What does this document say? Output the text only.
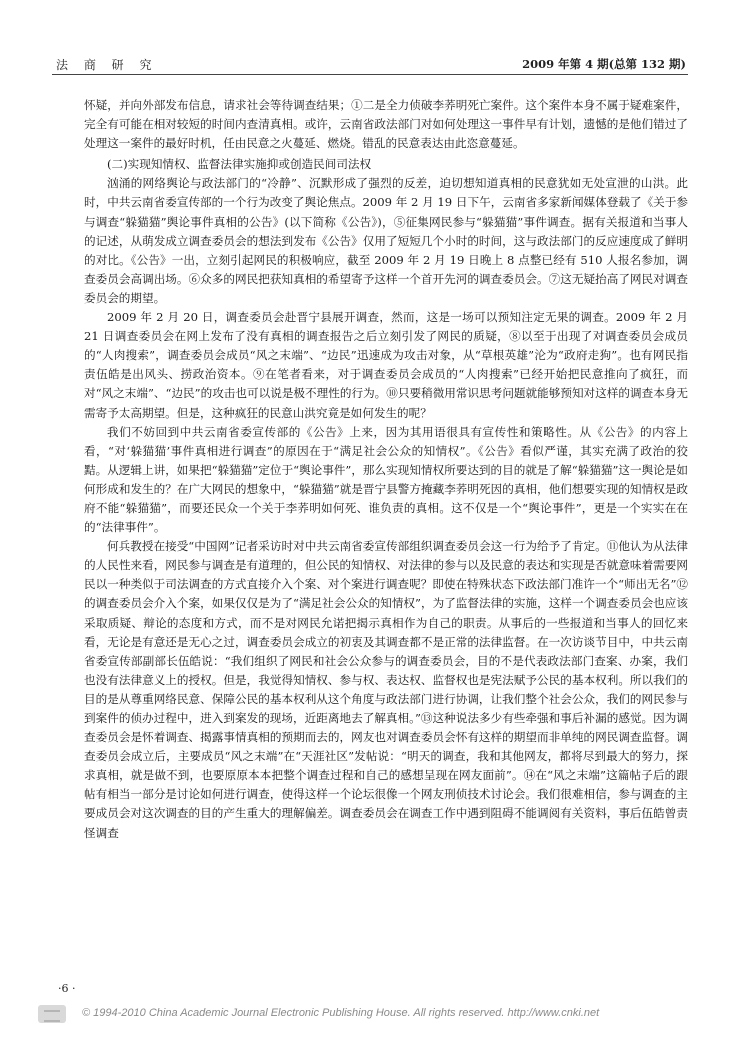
法 商 研 究	2009 年第 4 期(总第 132 期)

怀疑，并向外部发布信息，请求社会等待调查结果；①二是全力侦破李荞明死亡案件。这个案件本身不属于疑难案件，完全有可能在相对较短的时间内查清真相。或许，云南省政法部门对如何处理这一事件早有计划，遗憾的是他们错过了处理这一案件的最好时机，任由民意之火蔓延、燃烧。错乱的民意表达由此恣意蔓延。

(二)实现知情权、监督法律实施抑或创造民间司法权

汹涌的网络舆论与政法部门的“冷静”、沉默形成了强烈的反差，迫切想知道真相的民意犹如无处宣泄的山洪。此时，中共云南省委宣传部的一个行为改变了舆论焦点。2009 年 2 月 19 日下午，云南省多家新闻媒体登载了《关于参与调查“躲猫猫”舆论事件真相的公告》(以下简称《公告》)，⑤征集网民参与“躲猫猫”事件调查。据有关报道和当事人的记述，从萌发成立调查委员会的想法到发布《公告》仅用了短短几个小时的时间，这与政法部门的反应速度成了鲜明的对比。《公告》一出，立刻引起网民的积极响应，截至 2009 年 2 月 19 日晚上 8 点整已经有 510 人报名参加，调查委员会高调出场。⑥众多的网民把获知真相的希望寄予这样一个首开先河的调查委员会。⑦这无疑抬高了网民对调查委员会的期望。

2009 年 2 月 20 日，调查委员会赴晋宁县展开调查，然而，这是一场可以预知注定无果的调查。2009 年 2 月 21 日调查委员会在网上发布了没有真相的调查报告之后立刻引发了网民的质疑，⑧以至于出现了对调查委员会成员的“人肉搜索”，调查委员会成员“风之末端”、“边民”迅速成为攻击对象，从“草根英雄”沦为“政府走狗”。也有网民指责伍皓是出风头、捞政治资本。⑨在笔者看来，对于调查委员会成员的“人肉搜索”已经开始把民意推向了疯狂，而对“风之末端”、“边民”的攻击也可以说是极不理性的行为。⑩只要稍微用常识思考问题就能够预知对这样的调查本身无需寄予太高期望。但是，这种疯狂的民意山洪究竟是如何发生的呢？

我们不妨回到中共云南省委宣传部的《公告》上来，因为其用语很具有宣传性和策略性。从《公告》的内容上看，“对‘躲猫猫’事件真相进行调查”的原因在于“满足社会公众的知情权”。《公告》看似严谨，其实充满了政治的狡黠。从逻辑上讲，如果把“躲猫猫”定位于“舆论事件”，那么实现知情权所要达到的目的就是了解“躲猫猫”这一舆论是如何形成和发生的？在广大网民的想象中，“躲猫猫”就是晋宁县警方掩藏李荞明死因的真相，他们想要实现的知情权是政府不能“躲猫猫”，而要还民众一个关于李荞明如何死、谁负责的真相。这不仅是一个“舆论事件”，更是一个实实在在的“法律事件”。

何兵教授在接受“中国网”记者采访时对中共云南省委宣传部组织调查委员会这一行为给予了肯定。⑪他认为从法律的人民性来看，网民参与调查是有道理的，但公民的知情权、对法律的参与以及民意的表达和实现是否就意味着需要网民以一种类似于司法调查的方式直接介入个案、对个案进行调查呢？即使在特殊状态下政法部门准许一个“师出无名”⑫的调查委员会介入个案，如果仅仅是为了“满足社会公众的知情权”，为了监督法律的实施，这样一个调查委员会也应该采取质疑、辩论的态度和方式，而不是对网民允诺把揭示真相作为自己的职责。从事后的一些报道和当事人的回忆来看，无论是有意还是无心之过，调查委员会成立的初衷及其调查都不是正常的法律监督。在一次访谈节目中，中共云南省委宣传部副部长伍皓说：“我们组织了网民和社会公众参与的调查委员会，目的不是代表政法部门查案、办案，我们也没有法律意义上的授权。但是，我觉得知情权、参与权、表达权、监督权也是宪法赋予公民的基本权利。所以我们的目的是从尊重网络民意、保障公民的基本权利从这个角度与政法部门进行协调，让我们整个社会公众，我们的网民参与到案件的侦办过程中，进入到案发的现场，近距离地去了解真相。”⑬这种说法多少有些牵强和事后补漏的感觉。因为调查委员会是怀着调查、揭露事情真相的预期而去的，网友也对调查委员会怀有这样的期望而非单纯的网民调查监督。调查委员会成立后，主要成员“风之末端”在“天涯社区”发帖说：“明天的调查，我和其他网友，都将尽到最大的努力，探求真相，就是做不到，也要原原本本把整个调查过程和自己的感想呈现在网友面前”。⑭在“风之末端”这篇帖子后的跟帖有相当一部分是讨论如何进行调查，使得这样一个论坛很像一个网友刑侦技术讨论会。我们很难相信，参与调查的主要成员会对这次调查的目的产生重大的理解偏差。调查委员会在调查工作中遇到阻碍不能调阅有关资料，事后伍皓曾责怪调查

·6 ·
© 1994-2010 China Academic Journal Electronic Publishing House. All rights reserved. http://www.cnki.net
